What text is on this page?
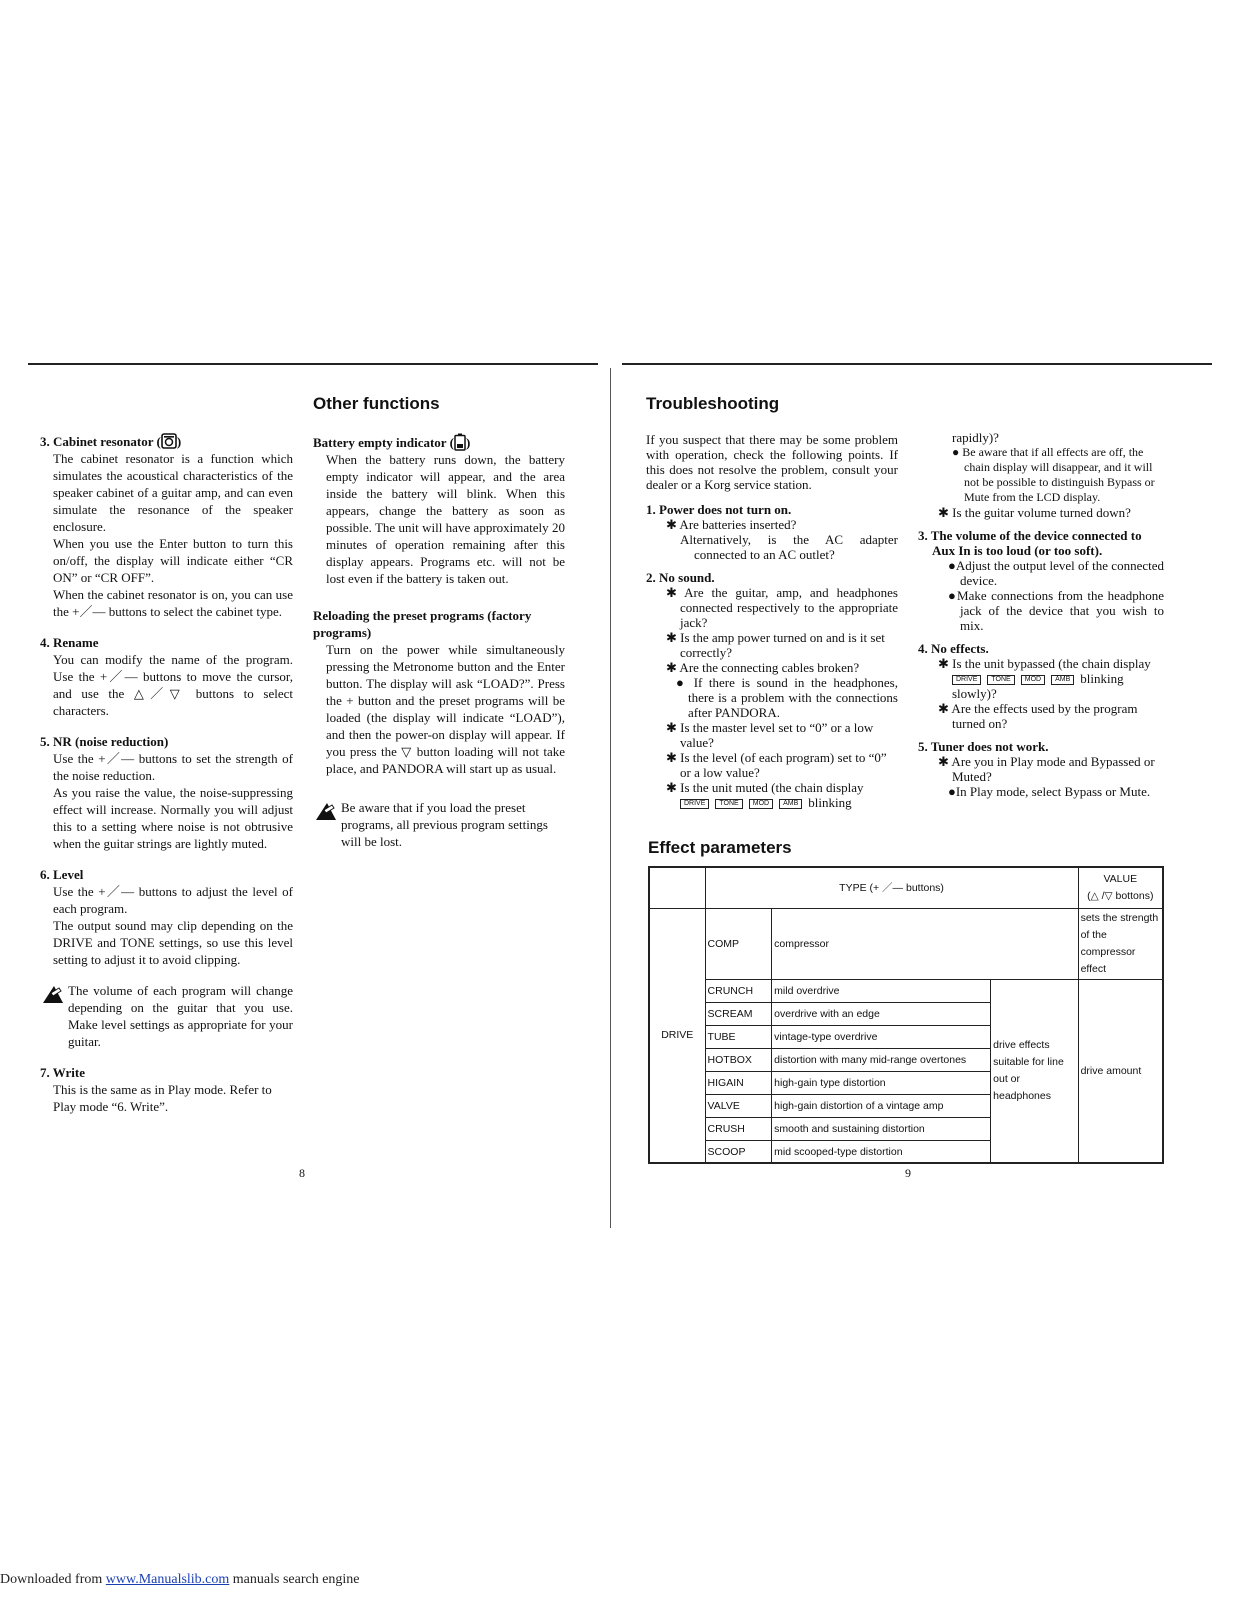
3. Cabinet resonator ( )

The cabinet resonator is a function which simulates the acoustical characteristics of the speaker cabinet of a guitar amp, and can even simulate the resonance of the speaker enclosure.

When you use the Enter button to turn this on/off, the display will indicate either “CR ON” or “CR OFF”.

When the cabinet resonator is on, you can use the +／— buttons to select the cabinet type.

4. Rename

You can modify the name of the program. Use the +／— buttons to move the cursor, and use the △／▽ buttons to select characters.

5. NR (noise reduction)

Use the +／— buttons to set the strength of the noise reduction.

As you raise the value, the noise-suppressing effect will increase. Normally you will adjust this to a setting where noise is not obtrusive when the guitar strings are lightly muted.

6. Level

Use the +／— buttons to adjust the level of each program.

The output sound may clip depending on the DRIVE and TONE settings, so use this level setting to adjust it to avoid clipping.

The volume of each program will change depending on the guitar that you use. Make level settings as appropriate for your guitar.

7. Write

This is the same as in Play mode. Refer to Play mode “6. Write”.

8
Other functions

Battery empty indicator ( )

When the battery runs down, the battery empty indicator will appear, and the area inside the battery will blink. When this appears, change the battery as soon as possible. The unit will have approximately 20 minutes of operation remaining after this display appears. Programs etc. will not be lost even if the battery is taken out.

Reloading the preset programs (factory programs)

Turn on the power while simultaneously pressing the Metronome button and the Enter button. The display will ask “LOAD?”. Press the + button and the preset programs will be loaded (the display will indicate “LOAD”), and then the power-on display will appear. If you press the ▽ button loading will not take place, and PANDORA will start up as usual.

Be aware that if you load the preset programs, all previous program settings will be lost.
Troubleshooting

If you suspect that there may be some problem with operation, check the following points. If this does not resolve the problem, consult your dealer or a Korg service station.

1. Power does not turn on.
✱ Are batteries inserted?
Alternatively, is the AC adapter connected to an AC outlet?
2. No sound.
✱ Are the guitar, amp, and headphones connected respectively to the appropriate jack?
✱ Is the amp power turned on and is it set correctly?
✱ Are the connecting cables broken?
● If there is sound in the headphones, there is a problem with the connections after PANDORA.
✱ Is the master level set to “0” or a low value?
✱ Is the level (of each program) set to “0” or a low value?
✱ Is the unit muted (the chain display
DRIVE TONE MOD AMB blinking
rapidly)?
● Be aware that if all effects are off, the chain display will disappear, and it will not be possible to distinguish Bypass or Mute from the LCD display.
✱ Is the guitar volume turned down?
3. The volume of the device connected to Aux In is too loud (or too soft).
●Adjust the output level of the connected device.
●Make connections from the headphone jack of the device that you wish to mix.
4. No effects.
✱ Is the unit bypassed (the chain display
DRIVE TONE MOD AMB blinking slowly)?
✱ Are the effects used by the program turned on?
5. Tuner does not work.
✱ Are you in Play mode and Bypassed or Muted?
●In Play mode, select Bypass or Mute.
Effect parameters
	TYPE (+ ／— buttons)			VALUE
(△ /▽ bottons)
DRIVE	COMP	compressor		sets the strength of the compressor effect
	CRUNCH	mild overdrive	drive effects suitable for line out or headphones	drive amount
	SCREAM	overdrive with an edge		
	TUBE	vintage-type overdrive		
	HOTBOX	distortion with many mid-range overtones		
	HIGAIN	high-gain type distortion		
	VALVE	high-gain distortion of a vintage amp		
	CRUSH	smooth and sustaining distortion		
	SCOOP	mid scooped-type distortion		

9
Downloaded from www.Manualslib.com manuals search engine
